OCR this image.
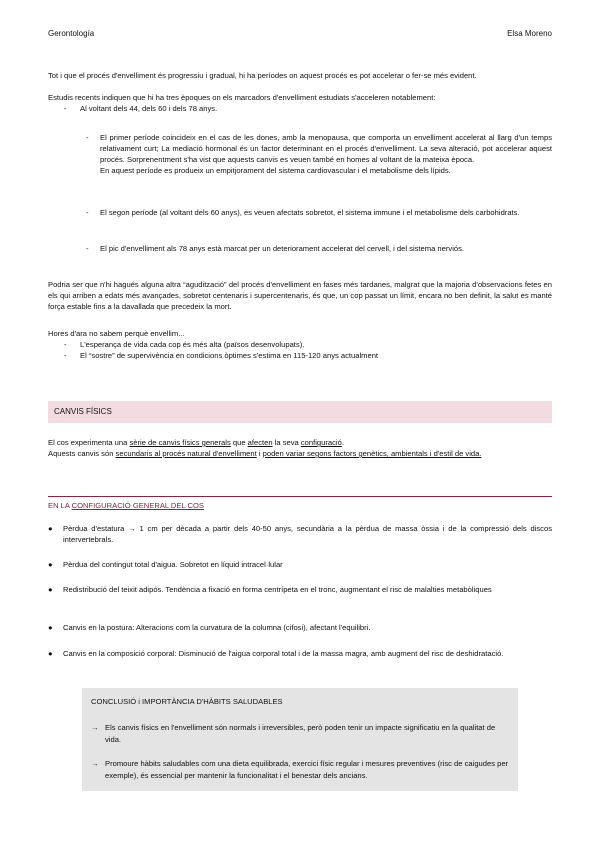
Gerontología	Elsa Moreno
Tot i que el procés d'envelliment és progressiu i gradual, hi ha períodes on aquest procés es pot accelerar o fer-se més evident.
Estudis recents indiquen que hi ha tres èpoques on els marcadors d'envelliment estudiats s'acceleren notablement:
- Al voltant dels 44, dels 60 i dels 78 anys.
- El primer període coincideix en el cas de les dones, amb la menopausa, que comporta un envelliment accelerat al llarg d'un temps relativament curt; La mediació hormonal és un factor determinant en el procés d'envelliment. La seva alteració, pot accelerar aquest procés. Sorprenentment s'ha vist que aquests canvis es veuen també en homes al voltant de la mateixa època.
En aquest període es produeix un empitjorament del sistema cardiovascular i el metabolisme dels lípids.
- El segon període (al voltant dels 60 anys), es veuen afectats sobretot, el sistema immune i el metabolisme dels carbohidrats.
- El pic d'envelliment als 78 anys està marcat per un deteriorament accelerat del cervell, i del sistema nerviós.
Podria ser que n'hi hagués alguna altra “agudització” del procés d'envelliment en fases més tardanes, malgrat que la majoria d'observacions fetes en els qui arriben a edats més avançades, sobretot centenaris i supercentenaris, és que, un cop passat un límit, encara no ben definit, la salut es manté força estable fins a la davallada que precedeix la mort.
Hores d'ara no sabem perquè envellim...
- L'esperança de vida cada cop és més alta (països desenvolupats).
- El “sostre” de supervivència en condicions òptimes s'estima en 115-120 anys actualment
CANVIS FÍSICS
El cos experimenta una sèrie de canvis físics generals que afecten la seva configuració.
Aquests canvis són secundaris al procés natural d'envelliment i poden variar segons factors genètics, ambientals i d'estil de vida.
EN LA CONFIGURACIÓ GENERAL DEL COS
●	Pèrdua d'estatura → 1 cm per dècada a partir dels 40-50 anys, secundària a la pèrdua de massa òssia i de la compressió dels discos intervertebrals.
●	Pèrdua del contingut total d'aigua. Sobretot en líquid intracel·lular
●	Redistribució del teixit adipós. Tendència a fixació en forma centrípeta en el tronc, augmentant el risc de malalties metabòliques
●	Canvis en la postura: Alteracions com la curvatura de la columna (cifosi), afectant l'equilibri.
●	Canvis en la composició corporal: Disminució de l'aigua corporal total i de la massa magra, amb augment del risc de deshidratació.
CONCLUSIÓ i IMPORTÀNCIA D'HÀBITS SALUDABLES
→ Els canvis físics en l'envelliment són normals i irreversibles, però poden tenir un impacte significatiu en la qualitat de vida.
→ Promoure hàbits saludables com una dieta equilibrada, exercici físic regular i mesures preventives (risc de caigudes per exemple), és essencial per mantenir la funcionalitat i el benestar dels ancians.
